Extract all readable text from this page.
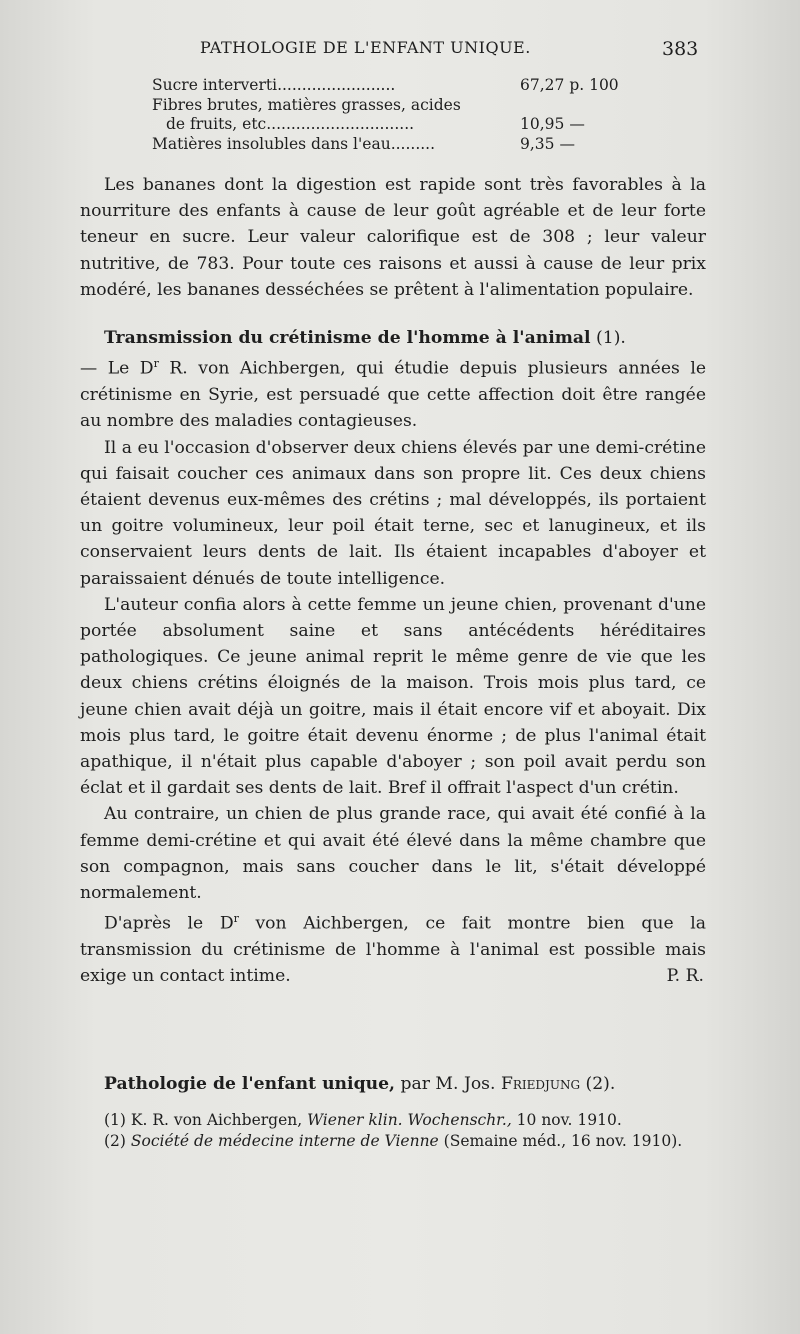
PATHOLOGIE DE L'ENFANT UNIQUE.	383
Sucre interverti........................	67,27 p. 100
Fibres brutes, matières grasses, acides
de fruits, etc..............................	10,95 —
Matières insolubles dans l'eau.........	9,35 —

Les bananes dont la digestion est rapide sont très favorables à la nourriture des enfants à cause de leur goût agréable et de leur forte teneur en sucre. Leur valeur calorifique est de 308 ; leur valeur nutritive, de 783. Pour toute ces raisons et aussi à cause de leur prix modéré, les bananes desséchées se prêtent à l'alimentation populaire.

Transmission du crétinisme de l'homme à l'animal (1).

— Le $D^r$ R. von Aichbergen, qui étudie depuis plusieurs années le crétinisme en Syrie, est persuadé que cette affection doit être rangée au nombre des maladies contagieuses.

Il a eu l'occasion d'observer deux chiens élevés par une demi-crétine qui faisait coucher ces animaux dans son propre lit. Ces deux chiens étaient devenus eux-mêmes des crétins ; mal développés, ils portaient un goitre volumineux, leur poil était terne, sec et lanugineux, et ils conservaient leurs dents de lait. Ils étaient incapables d'aboyer et paraissaient dénués de toute intelligence.

L'auteur confia alors à cette femme un jeune chien, provenant d'une portée absolument saine et sans antécédents héréditaires pathologiques. Ce jeune animal reprit le même genre de vie que les deux chiens crétins éloignés de la maison. Trois mois plus tard, ce jeune chien avait déjà un goitre, mais il était encore vif et aboyait. Dix mois plus tard, le goitre était devenu énorme ; de plus l'animal était apathique, il n'était plus capable d'aboyer ; son poil avait perdu son éclat et il gardait ses dents de lait. Bref il offrait l'aspect d'un crétin.

Au contraire, un chien de plus grande race, qui avait été confié à la femme demi-crétine et qui avait été élevé dans la même chambre que son compagnon, mais sans coucher dans le lit, s'était développé normalement.

D'après le $D^r$ von Aichbergen, ce fait montre bien que la transmission du crétinisme de l'homme à l'animal est possible mais exige un contact intime.	P. R.

Pathologie de l'enfant unique, par M. Jos. Friedjung (2).

(1) K. R. von Aichbergen, Wiener klin. Wochenschr., 10 nov. 1910.

(2) Société de médecine interne de Vienne (Semaine méd., 16 nov. 1910).
